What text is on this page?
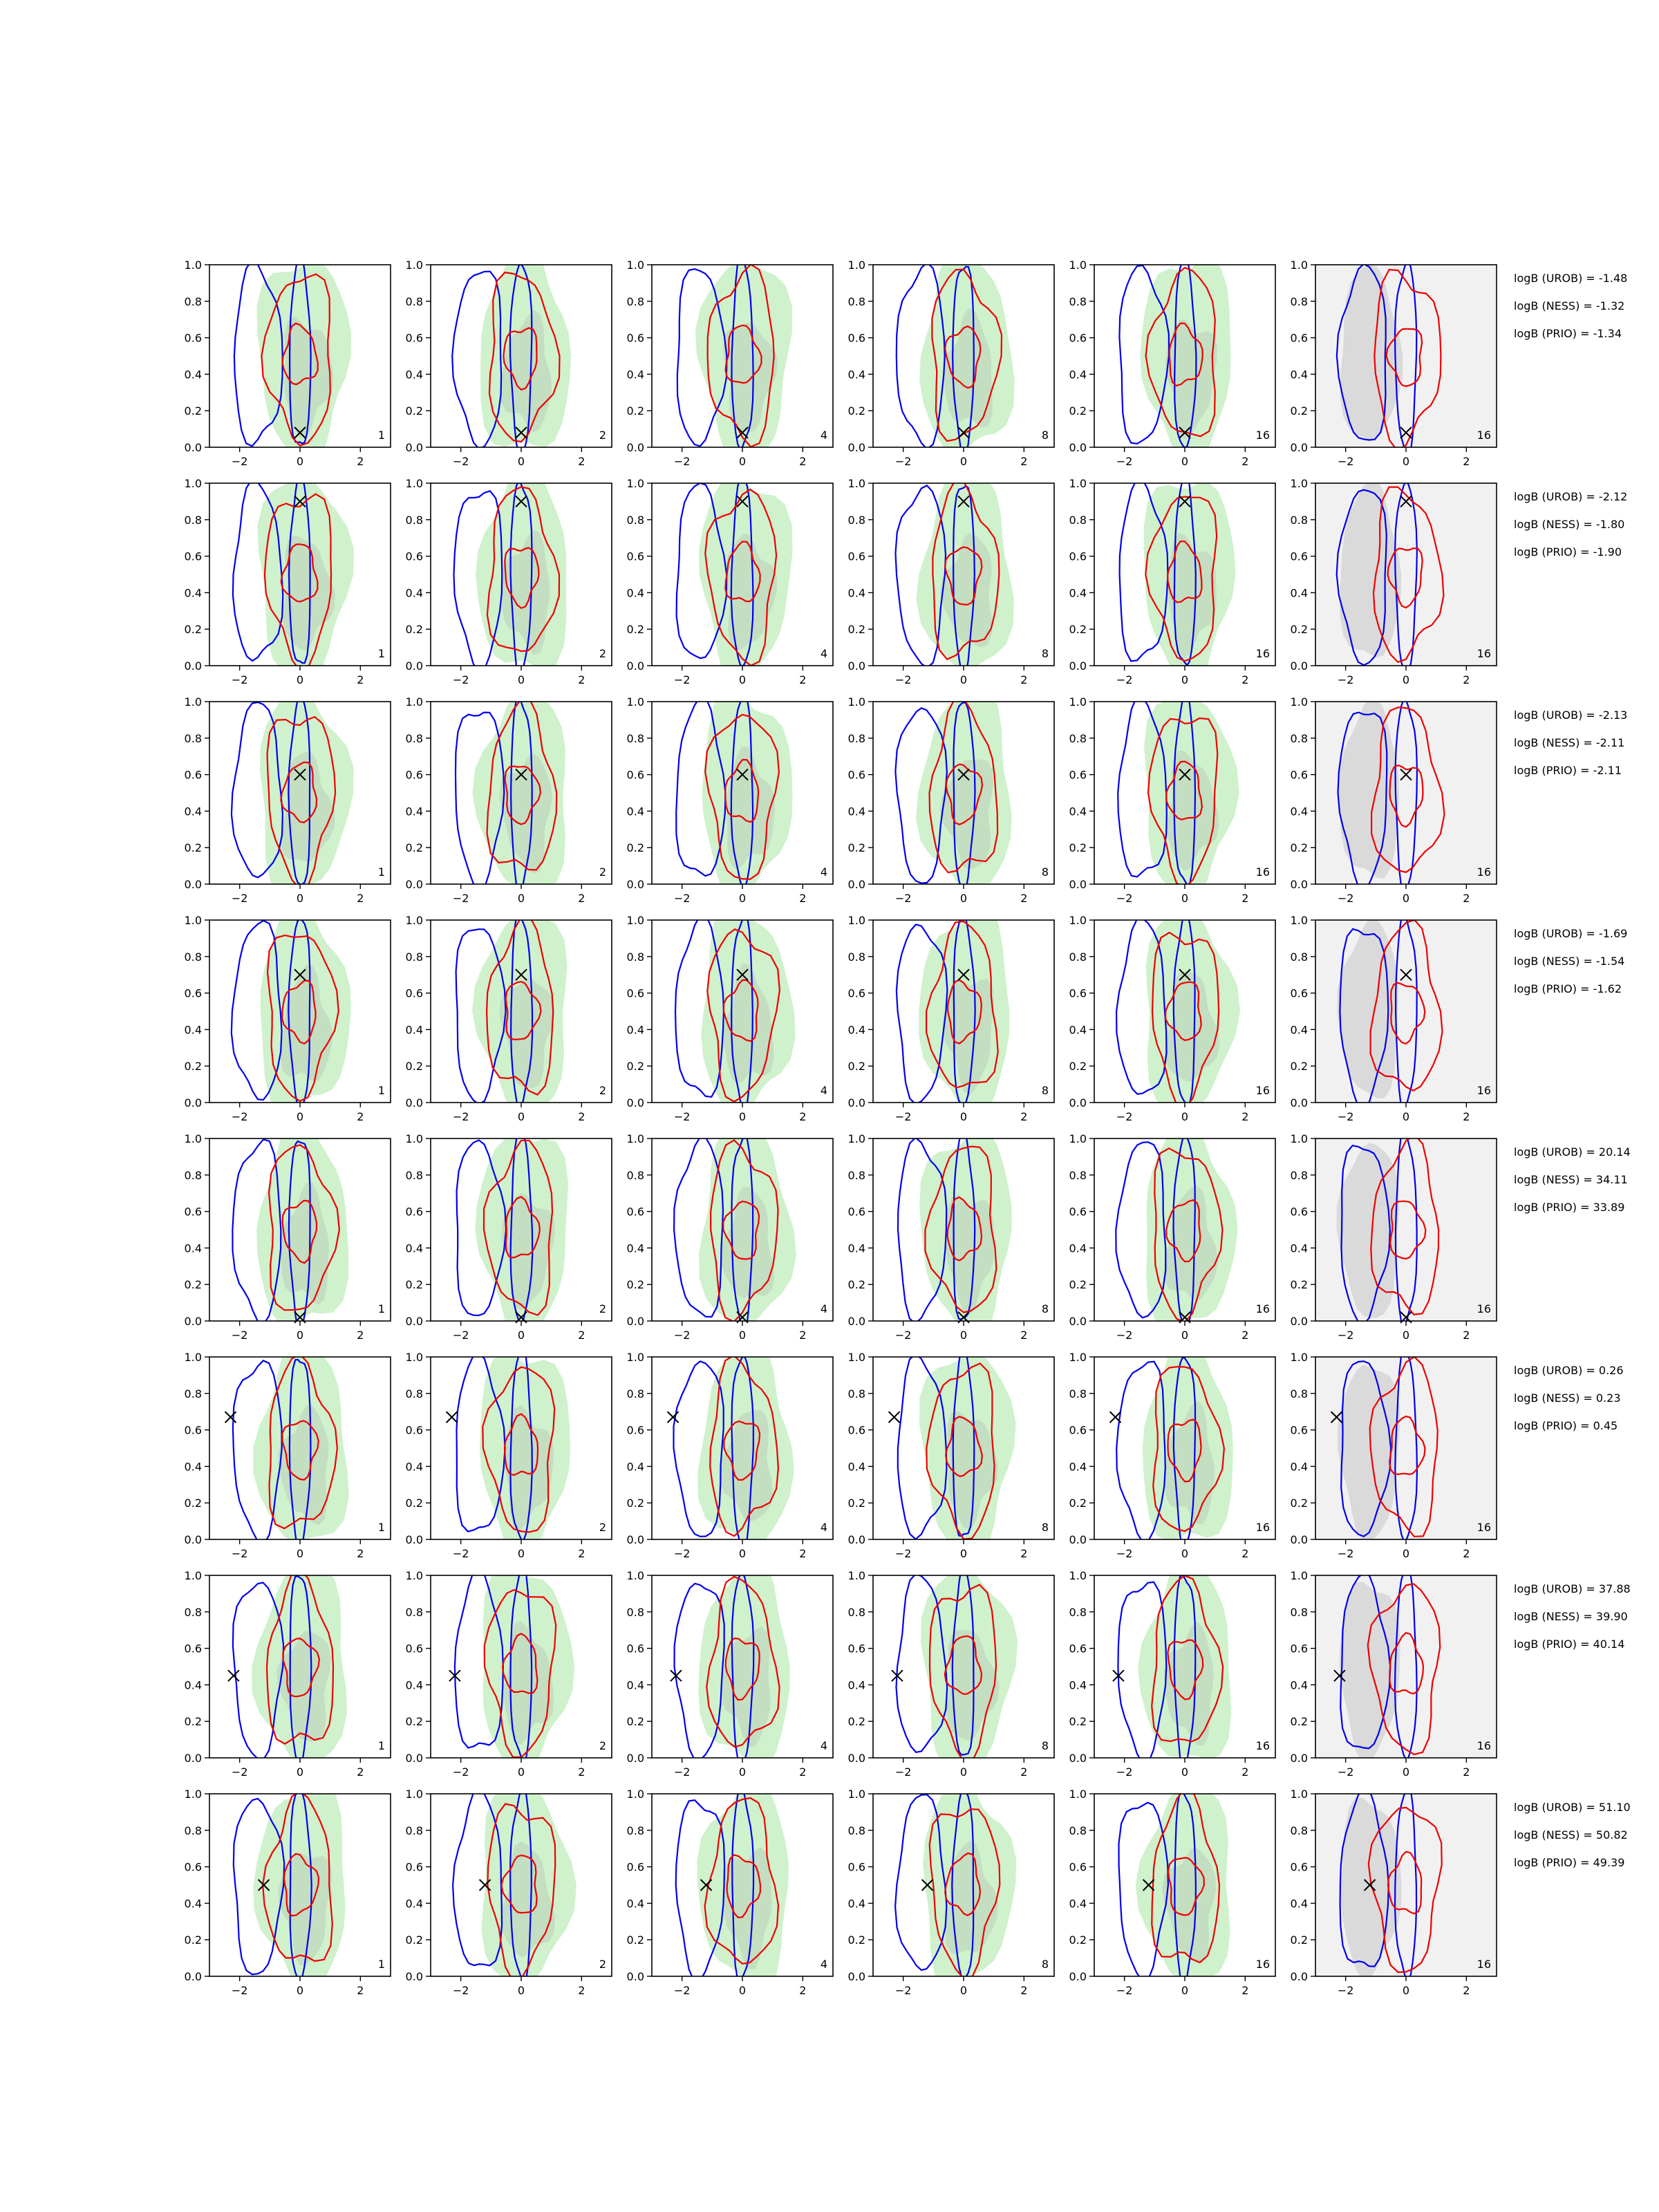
−2	0	2
0.0
0.2
0.4
0.6
0.8
1.0
1
−2	0	2
0.0
0.2
0.4
0.6
0.8
1.0
2
−2	0	2
0.0
0.2
0.4
0.6
0.8
1.0
4
−2	0	2
0.0
0.2
0.4
0.6
0.8
1.0
8
−2	0	2
0.0
0.2
0.4
0.6
0.8
1.0
16
−2	0	2
0.0
0.2
0.4
0.6
0.8
1.0
16
−2	0	2
0.0
0.2
0.4
0.6
0.8
1.0
1
−2	0	2
0.0
0.2
0.4
0.6
0.8
1.0
2
−2	0	2
0.0
0.2
0.4
0.6
0.8
1.0
4
−2	0	2
0.0
0.2
0.4
0.6
0.8
1.0
8
−2	0	2
0.0
0.2
0.4
0.6
0.8
1.0
16
−2	0	2
0.0
0.2
0.4
0.6
0.8
1.0
16
−2	0	2
0.0
0.2
0.4
0.6
0.8
1.0
1
−2	0	2
0.0
0.2
0.4
0.6
0.8
1.0
2
−2	0	2
0.0
0.2
0.4
0.6
0.8
1.0
4
−2	0	2
0.0
0.2
0.4
0.6
0.8
1.0
8
−2	0	2
0.0
0.2
0.4
0.6
0.8
1.0
16
−2	0	2
0.0
0.2
0.4
0.6
0.8
1.0
16
−2	0	2
0.0
0.2
0.4
0.6
0.8
1.0
1
−2	0	2
0.0
0.2
0.4
0.6
0.8
1.0
2
−2	0	2
0.0
0.2
0.4
0.6
0.8
1.0
4
−2	0	2
0.0
0.2
0.4
0.6
0.8
1.0
8
−2	0	2
0.0
0.2
0.4
0.6
0.8
1.0
16
−2	0	2
0.0
0.2
0.4
0.6
0.8
1.0
16
−2	0	2
0.0
0.2
0.4
0.6
0.8
1.0
1
−2	0	2
0.0
0.2
0.4
0.6
0.8
1.0
2
−2	0	2
0.0
0.2
0.4
0.6
0.8
1.0
4
−2	0	2
0.0
0.2
0.4
0.6
0.8
1.0
8
−2	0	2
0.0
0.2
0.4
0.6
0.8
1.0
16
−2	0	2
0.0
0.2
0.4
0.6
0.8
1.0
16
−2	0	2
0.0
0.2
0.4
0.6
0.8
1.0
1
−2	0	2
0.0
0.2
0.4
0.6
0.8
1.0
2
−2	0	2
0.0
0.2
0.4
0.6
0.8
1.0
4
−2	0	2
0.0
0.2
0.4
0.6
0.8
1.0
8
−2	0	2
0.0
0.2
0.4
0.6
0.8
1.0
16
−2	0	2
0.0
0.2
0.4
0.6
0.8
1.0
16
−2	0	2
0.0
0.2
0.4
0.6
0.8
1.0
1
−2	0	2
0.0
0.2
0.4
0.6
0.8
1.0
2
−2	0	2
0.0
0.2
0.4
0.6
0.8
1.0
4
−2	0	2
0.0
0.2
0.4
0.6
0.8
1.0
8
−2	0	2
0.0
0.2
0.4
0.6
0.8
1.0
16
−2	0	2
0.0
0.2
0.4
0.6
0.8
1.0
16
−2	0	2
0.0
0.2
0.4
0.6
0.8
1.0
1
−2	0	2
0.0
0.2
0.4
0.6
0.8
1.0
2
−2	0	2
0.0
0.2
0.4
0.6
0.8
1.0
4
−2	0	2
0.0
0.2
0.4
0.6
0.8
1.0
8
−2	0	2
0.0
0.2
0.4
0.6
0.8
1.0
16
−2	0	2
0.0
0.2
0.4
0.6
0.8
1.0
16
logB (UROB) = -1.48
logB (NESS) = -1.32
logB (PRIO) = -1.34
logB (UROB) = -2.12
logB (NESS) = -1.80
logB (PRIO) = -1.90
logB (UROB) = -2.13
logB (NESS) = -2.11
logB (PRIO) = -2.11
logB (UROB) = -1.69
logB (NESS) = -1.54
logB (PRIO) = -1.62
logB (UROB) = 20.14
logB (NESS) = 34.11
logB (PRIO) = 33.89
logB (UROB) = 0.26
logB (NESS) = 0.23
logB (PRIO) = 0.45
logB (UROB) = 37.88
logB (NESS) = 39.90
logB (PRIO) = 40.14
logB (UROB) = 51.10
logB (NESS) = 50.82
logB (PRIO) = 49.39
